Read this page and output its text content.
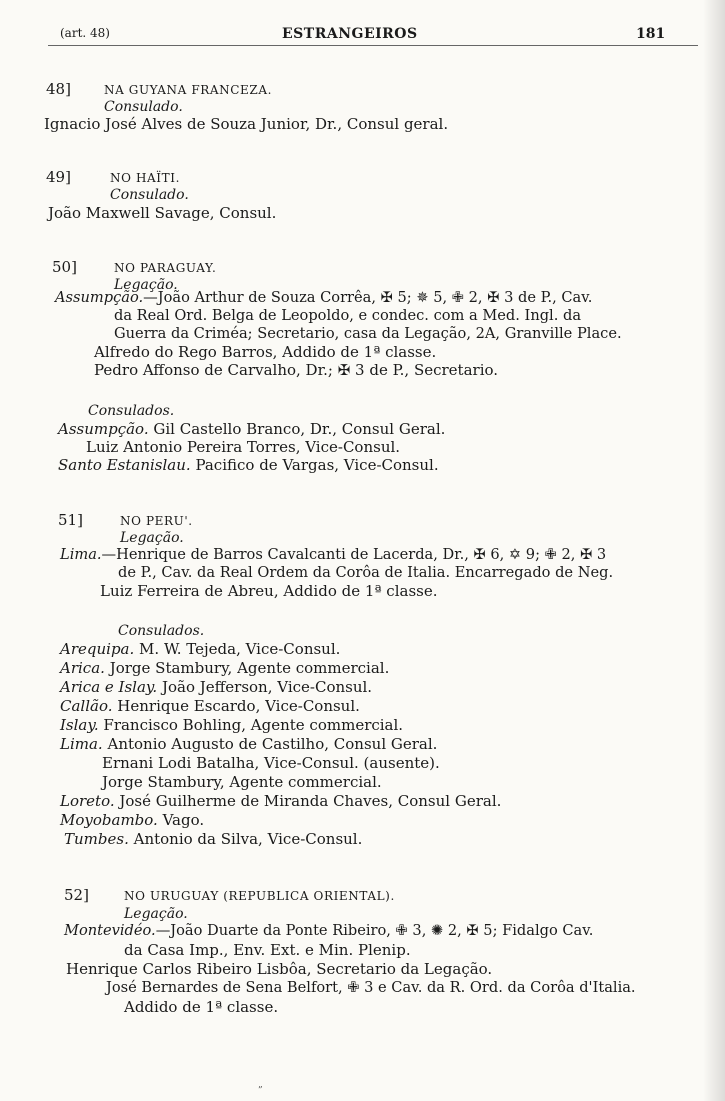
(art. 48)	ESTRANGEIROS	181
48]	NA GUYANA FRANCEZA.
Consulado.
Ignacio José Alves de Souza Junior, Dr., Consul geral.
49]	NO HAÏTI.
Consulado.
João Maxwell Savage, Consul.
50]	NO PARAGUAY.
Legação.
Assumpção.—João Arthur de Souza Corrêa, ✠ 5; ✵ 5, ✙ 2, ✠ 3 de P., Cav.
da Real Ord. Belga de Leopoldo, e condec. com a Med. Ingl. da
Guerra da Criméa; Secretario, casa da Legação, 2A, Granville Place.
Alfredo do Rego Barros, Addido de 1ª classe.
Pedro Affonso de Carvalho, Dr.; ✠ 3 de P., Secretario.
Consulados.
Assumpção. Gil Castello Branco, Dr., Consul Geral.
Luiz Antonio Pereira Torres, Vice-Consul.
Santo Estanislau. Pacifico de Vargas, Vice-Consul.
51]	NO PERU'.
Legação.
Lima.—Henrique de Barros Cavalcanti de Lacerda, Dr., ✠ 6, ✡ 9; ✙ 2, ✠ 3
de P., Cav. da Real Ordem da Corôa de Italia. Encarregado de Neg.
Luiz Ferreira de Abreu, Addido de 1ª classe.
Consulados.
Arequipa. M. W. Tejeda, Vice-Consul.
Arica. Jorge Stambury, Agente commercial.
Arica e Islay. João Jefferson, Vice-Consul.
Callão. Henrique Escardo, Vice-Consul.
Islay. Francisco Bohling, Agente commercial.
Lima. Antonio Augusto de Castilho, Consul Geral.
Ernani Lodi Batalha, Vice-Consul. (ausente).
Jorge Stambury, Agente commercial.
Loreto. José Guilherme de Miranda Chaves, Consul Geral.
Moyobambo. Vago.
Tumbes. Antonio da Silva, Vice-Consul.
52]	NO URUGUAY (REPUBLICA ORIENTAL).
Legação.
Montevidéo.—João Duarte da Ponte Ribeiro, ✙ 3, ✺ 2, ✠ 5; Fidalgo Cav.
da Casa Imp., Env. Ext. e Min. Plenip.
Henrique Carlos Ribeiro Lisbôa, Secretario da Legação.
José Bernardes de Sena Belfort, ✙ 3 e Cav. da R. Ord. da Corôa d'Italia.
Addido de 1ª classe.
”
